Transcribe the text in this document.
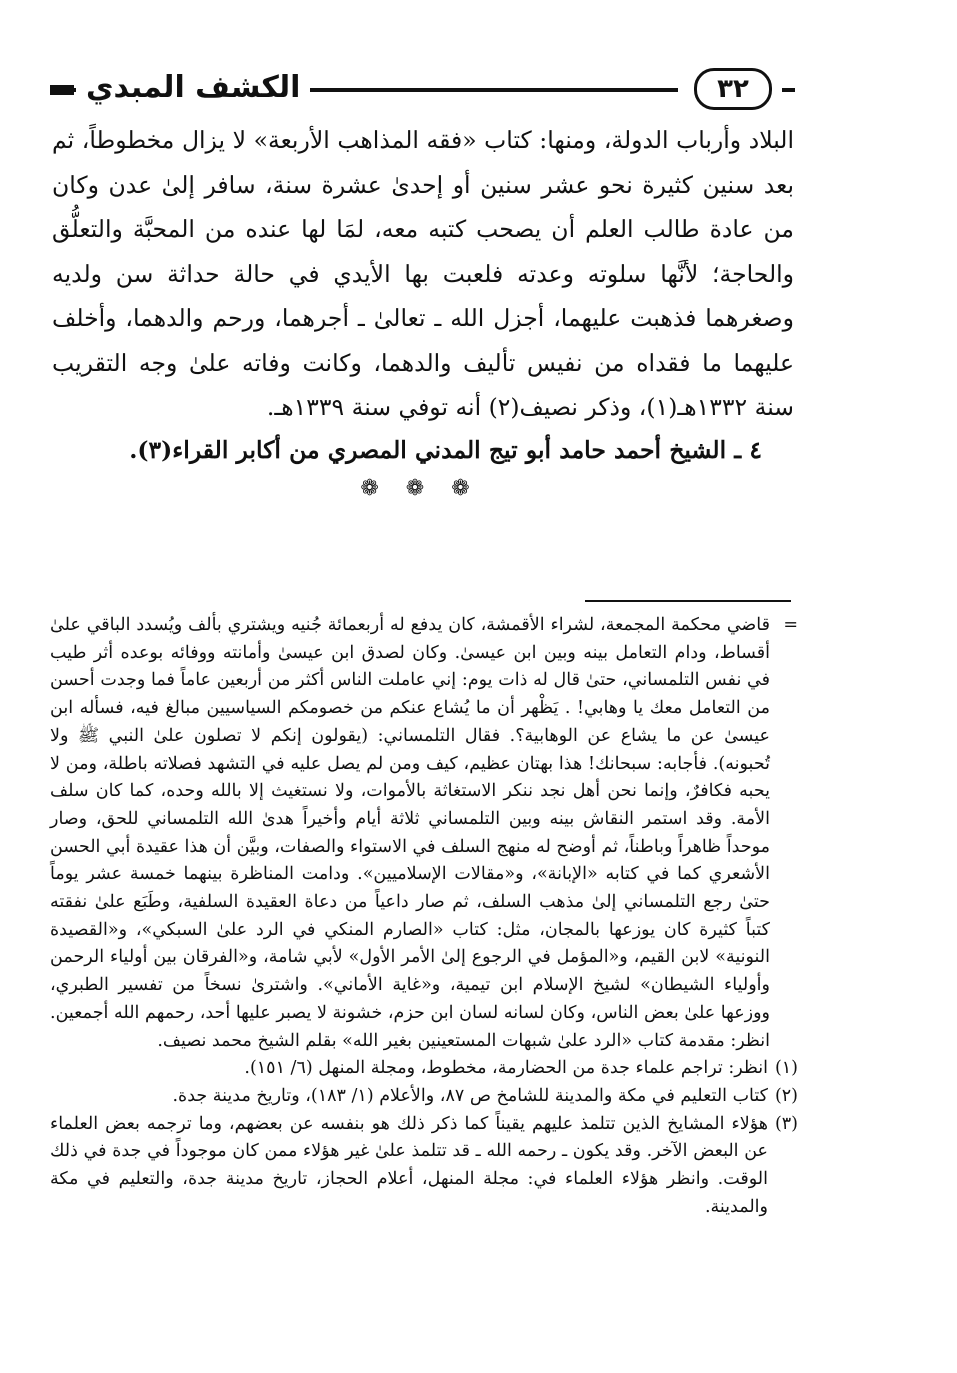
الكشف المبدي	٣٢

البلاد وأرباب الدولة، ومنها: كتاب «فقه المذاهب الأربعة» لا يزال مخطوطاً، ثم بعد سنين كثيرة نحو عشر سنين أو إحدىٰ عشرة سنة، سافر إلىٰ عدن وكان من عادة طالب العلم أن يصحب كتبه معه، لمَا لها عنده من المحبَّة والتعلُّق والحاجة؛ لأنَّها سلوته وعدته فلعبت بها الأيدي في حالة حداثة سن ولديه وصغرهما فذهبت عليهما، أجزل الله ـ تعالىٰ ـ أجرهما، ورحم والدهما، وأخلف عليهما ما فقداه من نفيس تأليف والدهما، وكانت وفاته علىٰ وجه التقريب سنة ١٣٣٢هـ(١)، وذكر نصيف(٢) أنه توفي سنة ١٣٣٩هـ.

٤ ـ الشيخ أحمد حامد أبو تيج المدني المصري من أكابر القراء(٣).
❁ ❁ ❁

=
قاضي محكمة المجمعة، لشراء الأقمشة، كان يدفع له أربعمائة جُنيه ويشتري بألف ويُسدد الباقي علىٰ أقساط، ودام التعامل بينه وبين ابن عيسىٰ. وكان لصدق ابن عيسىٰ وأمانته ووفائه بوعده أثر طيب في نفس التلمساني، حتىٰ قال له ذات يوم: إني عاملت الناس أكثر من أربعين عاماً فما وجدت أحسن من التعامل معك يا وهابي! . يَظْهر أن ما يُشاع عنكم من خصومكم السياسيين مبالغ فيه، فسأله ابن عيسىٰ عن ما يشاع عن الوهابية؟. فقال التلمساني: (يقولون إنكم لا تصلون علىٰ النبي ﷺ ولا تُحبونه). فأجابه: سبحانك! هذا بهتان عظيم، كيف ومن لم يصل عليه في التشهد فصلاته باطلة، ومن لا يحبه فكافرٌ، وإنما نحن أهل نجد ننكر الاستغاثة بالأموات، ولا نستغيث إلا بالله وحده، كما كان سلف الأمة. وقد استمر النقاش بينه وبين التلمساني ثلاثة أيام وأخيراً هدىٰ الله التلمساني للحق، وصار موحداً ظاهراً وباطناً، ثم أوضح له منهج السلف في الاستواء والصفات، وبيَّن أن هذا عقيدة أبي الحسن الأشعري كما في كتابه «الإبانة»، و«مقالات الإسلاميين». ودامت المناظرة بينهما خمسة عشر يوماً حتىٰ رجع التلمساني إلىٰ مذهب السلف، ثم صار داعياً من دعاة العقيدة السلفية، وطَبَع علىٰ نفقته كتباً كثيرة كان يوزعها بالمجان، مثل: كتاب «الصارم المنكي في الرد علىٰ السبكي»، و«القصيدة النونية» لابن القيم، و«المؤمل في الرجوع إلىٰ الأمر الأول» لأبي شامة، و«الفرقان بين أولياء الرحمن وأولياء الشيطان» لشيخ الإسلام ابن تيمية، و«غاية الأماني». واشترىٰ نسخاً من تفسير الطبري، ووزعها علىٰ بعض الناس، وكان لسانه لسان ابن حزم، خشونة لا يصبر عليها أحد، رحمهم الله أجمعين. انظر: مقدمة كتاب «الرد علىٰ شبهات المستعينين بغير الله» بقلم الشيخ محمد نصيف.

(١)
انظر: تراجم علماء جدة من الحضارمة، مخطوط، ومجلة المنهل (٦/ ١٥١).

(٢)
كتاب التعليم في مكة والمدينة للشامخ ص ٨٧، والأعلام (١/ ١٨٣)، وتاريخ مدينة جدة.

(٣)
هؤلاء المشايخ الذين تتلمذ عليهم يقيناً كما ذكر ذلك هو بنفسه عن بعضهم، وما ترجمه بعض العلماء عن البعض الآخر. وقد يكون ـ رحمه الله ـ قد تتلمذ علىٰ غير هؤلاء ممن كان موجوداً في جدة في ذلك الوقت. وانظر هؤلاء العلماء في: مجلة المنهل، أعلام الحجاز، تاريخ مدينة جدة، والتعليم في مكة والمدينة.
